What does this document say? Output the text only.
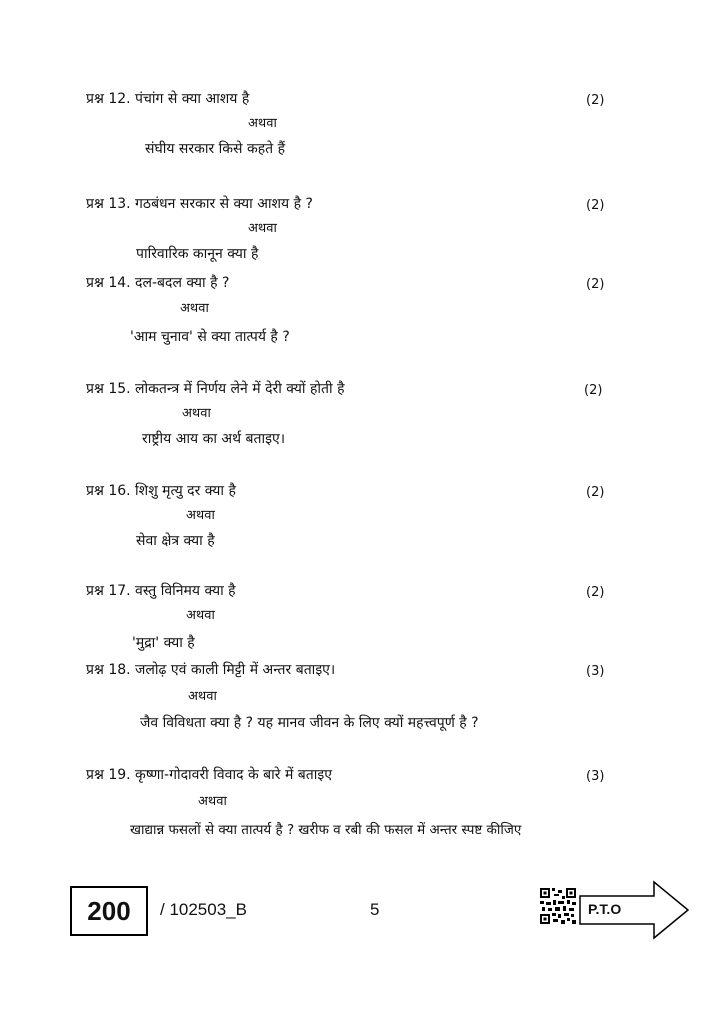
प्रश्न 12. पंचांग से क्या आशय है	(2)
अथवा
संघीय सरकार किसे कहते हैं
प्रश्न 13. गठबंधन सरकार से क्या आशय है ?	(2)
अथवा
पारिवारिक कानून क्या है
प्रश्न 14. दल-बदल क्या है ?	(2)
अथवा
'आम चुनाव' से क्या तात्पर्य है ?
प्रश्न 15. लोकतन्त्र में निर्णय लेने में देरी क्यों होती है	(2)
अथवा
राष्ट्रीय आय का अर्थ बताइए।
प्रश्न 16. शिशु मृत्यु दर क्या है	(2)
अथवा
सेवा क्षेत्र क्या है
प्रश्न 17. वस्तु विनिमय क्या है	(2)
अथवा
'मुद्रा' क्या है
प्रश्न 18. जलोढ़ एवं काली मिट्टी में अन्तर बताइए।	(3)
अथवा
जैव विविधता क्या है ? यह मानव जीवन के लिए क्यों महत्त्वपूर्ण है ?
प्रश्न 19. कृष्णा-गोदावरी विवाद के बारे में बताइए	(3)
अथवा
खाद्यान्न फसलों से क्या तात्पर्य है ? खरीफ व रबी की फसल में अन्तर स्पष्ट कीजिए
200	/ 102503_B	5	P.T.O
